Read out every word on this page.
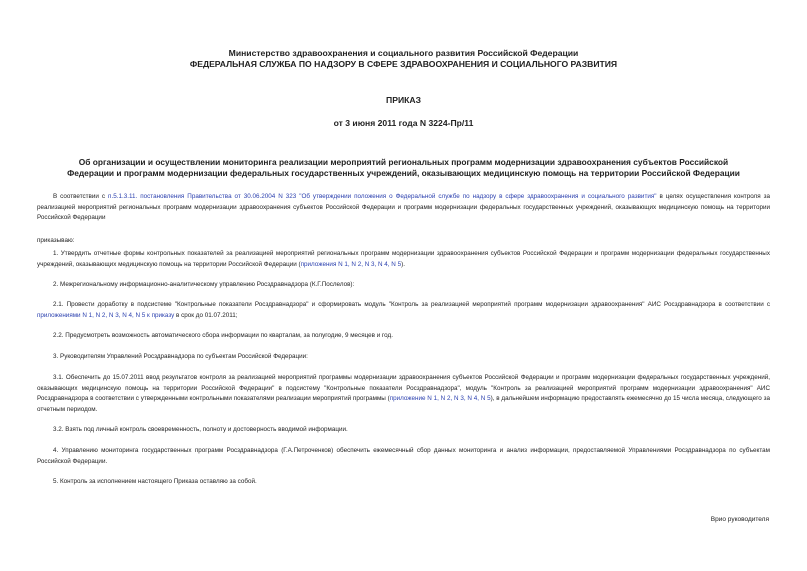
Министерство здравоохранения и социального развития Российской Федерации
ФЕДЕРАЛЬНАЯ СЛУЖБА ПО НАДЗОРУ В СФЕРЕ ЗДРАВООХРАНЕНИЯ И СОЦИАЛЬНОГО РАЗВИТИЯ
ПРИКАЗ
от 3 июня 2011 года N 3224-Пр/11
Об организации и осуществлении мониторинга реализации мероприятий региональных программ модернизации здравоохранения субъектов Российской
Федерации и программ модернизации федеральных государственных учреждений, оказывающих медицинскую помощь на территории Российской Федерации
В соответствии с п.5.1.3.11. постановления Правительства от 30.06.2004 N 323 "Об утверждении положения о Федеральной службе по надзору в сфере здравоохранения и социального развития" в целях осуществления контроля за реализацией мероприятий региональных программ модернизации здравоохранения субъектов Российской Федерации и программ модернизации федеральных государственных учреждений, оказывающих медицинскую помощь на территории Российской Федерации
приказываю:
1. Утвердить отчетные формы контрольных показателей за реализацией мероприятий региональных программ модернизации здравоохранения субъектов Российской Федерации и программ модернизации федеральных государственных учреждений, оказывающих медицинскую помощь на территории Российской Федерации (приложения N 1, N 2, N 3, N 4, N 5).
2. Межрегиональному информационно-аналитическому управлению Росздравнадзора (К.Г.Послелов):
2.1. Провести доработку в подсистеме "Контрольные показатели Росздравнадзора" и сформировать модуль "Контроль за реализацией мероприятий программ модернизации здравоохранения" АИС Росздравнадзора в соответствии с приложениями N 1, N 2, N 3, N 4, N 5 к приказу в срок до 01.07.2011;
2.2. Предусмотреть возможность автоматического сбора информации по кварталам, за полугодие, 9 месяцев и год.
3. Руководителям Управлений Росздравнадзора по субъектам Российской Федерации:
3.1. Обеспечить до 15.07.2011 ввод результатов контроля за реализацией мероприятий программы модернизации здравоохранения субъектов Российской Федерации и программ модернизации федеральных государственных учреждений, оказывающих медицинскую помощь на территории Российской Федерации" в подсистему "Контрольные показатели Росздравнадзора", модуль "Контроль за реализацией мероприятий программ модернизации здравоохранения" АИС Росздравнадзора в соответствии с утвержденными контрольными показателями реализации мероприятий программы (приложение N 1, N 2, N 3, N 4, N 5), в дальнейшем информацию предоставлять ежемесячно до 15 числа месяца, следующего за отчетным периодом.
3.2. Взять под личный контроль своевременность, полноту и достоверность вводимой информации.
4. Управлению мониторинга государственных программ Росздравнадзора (Г.А.Петроченков) обеспечить ежемесячный сбор данных мониторинга и анализ информации, предоставляемой Управлениями Росздравнадзора по субъектам Российской Федерации.
5. Контроль за исполнением настоящего Приказа оставляю за собой.
Врио руководителя
